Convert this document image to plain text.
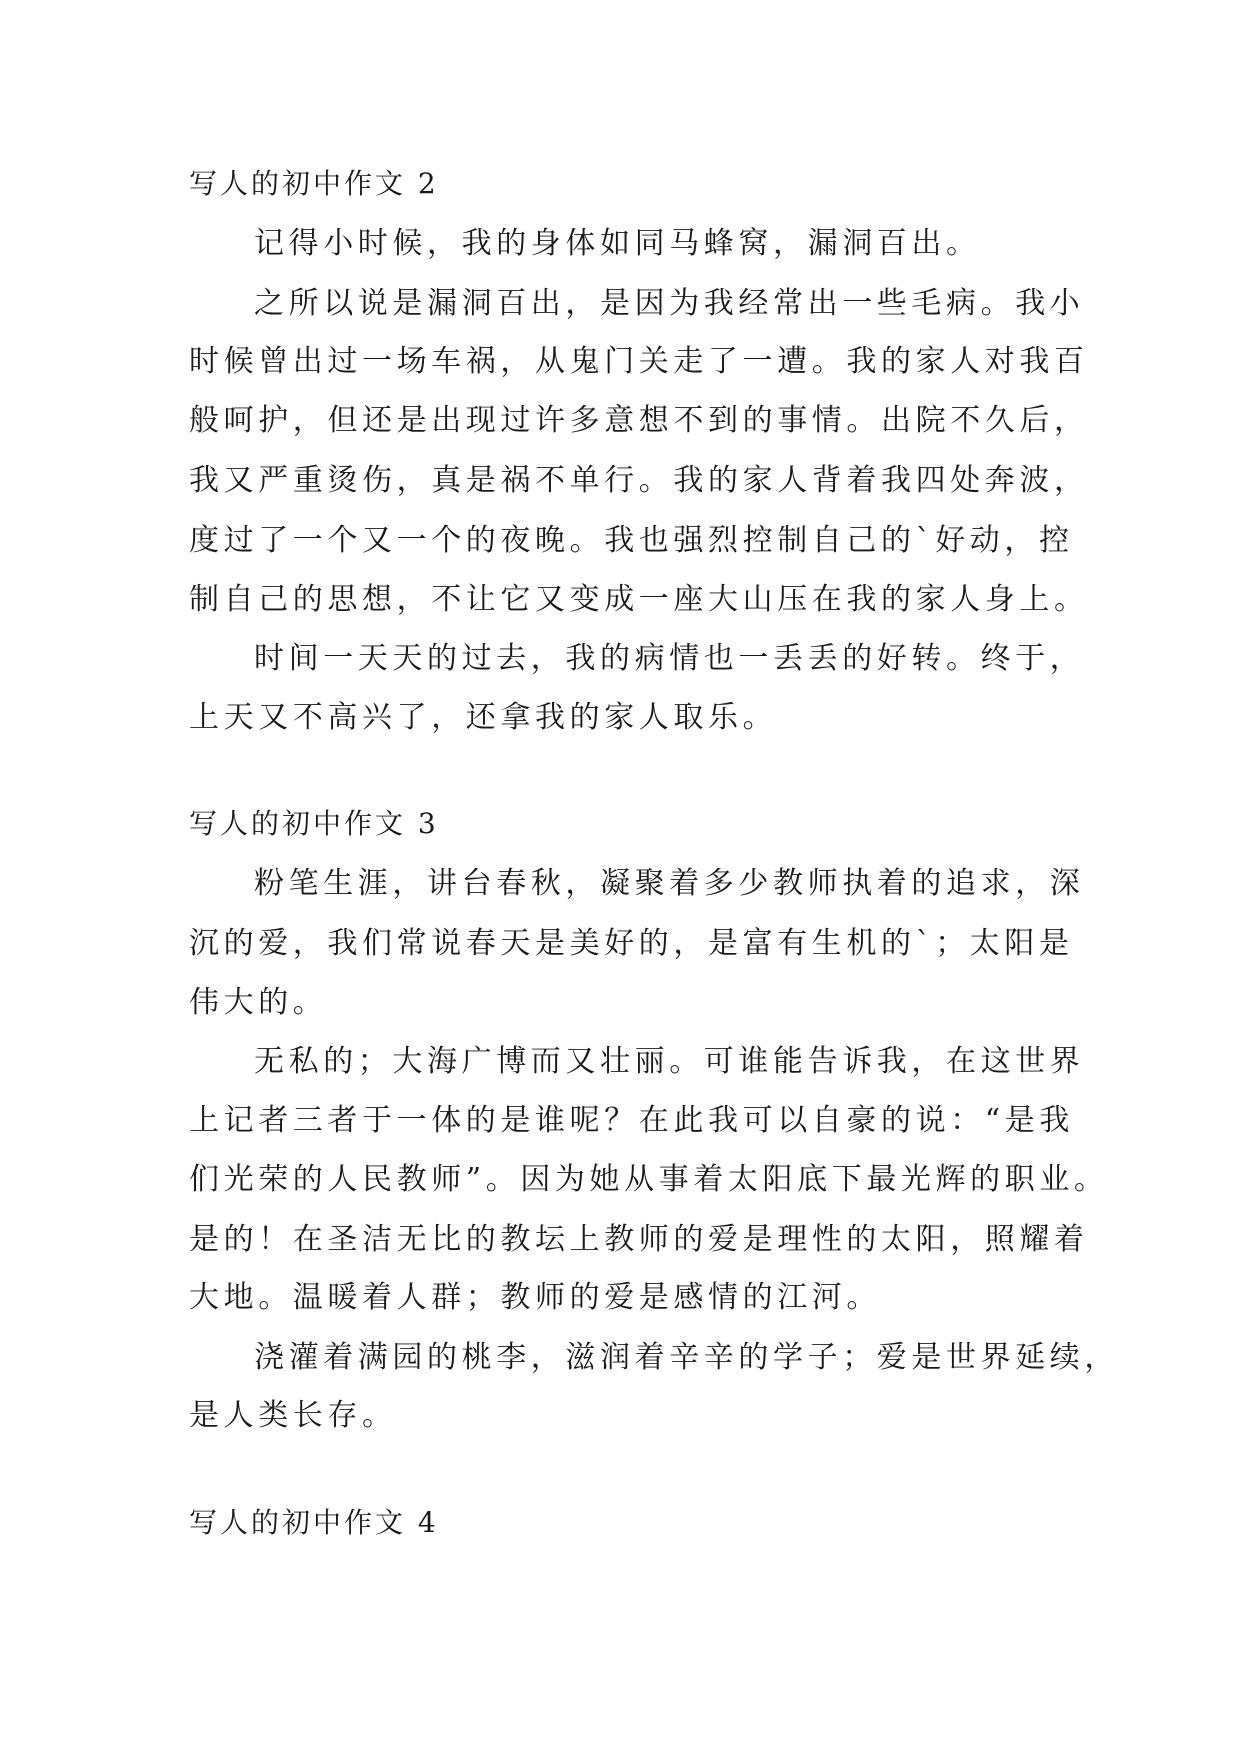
写人的初中作文 2
记得小时候，我的身体如同马蜂窝，漏洞百出。
之所以说是漏洞百出，是因为我经常出一些毛病。我小
时候曾出过一场车祸，从鬼门关走了一遭。我的家人对我百
般呵护，但还是出现过许多意想不到的事情。出院不久后，
我又严重烫伤，真是祸不单行。我的家人背着我四处奔波，
度过了一个又一个的夜晚。我也强烈控制自己的`好动，控
制自己的思想，不让它又变成一座大山压在我的家人身上。
时间一天天的过去，我的病情也一丢丢的好转。终于，
上天又不高兴了，还拿我的家人取乐。
写人的初中作文 3
粉笔生涯，讲台春秋，凝聚着多少教师执着的追求，深
沉的爱，我们常说春天是美好的，是富有生机的`；太阳是
伟大的。
无私的；大海广博而又壮丽。可谁能告诉我，在这世界
上记者三者于一体的是谁呢？在此我可以自豪的说：“是我
们光荣的人民教师”。因为她从事着太阳底下最光辉的职业。
是的！在圣洁无比的教坛上教师的爱是理性的太阳，照耀着
大地。温暖着人群；教师的爱是感情的江河。
浇灌着满园的桃李，滋润着辛辛的学子；爱是世界延续，
是人类长存。
写人的初中作文 4
